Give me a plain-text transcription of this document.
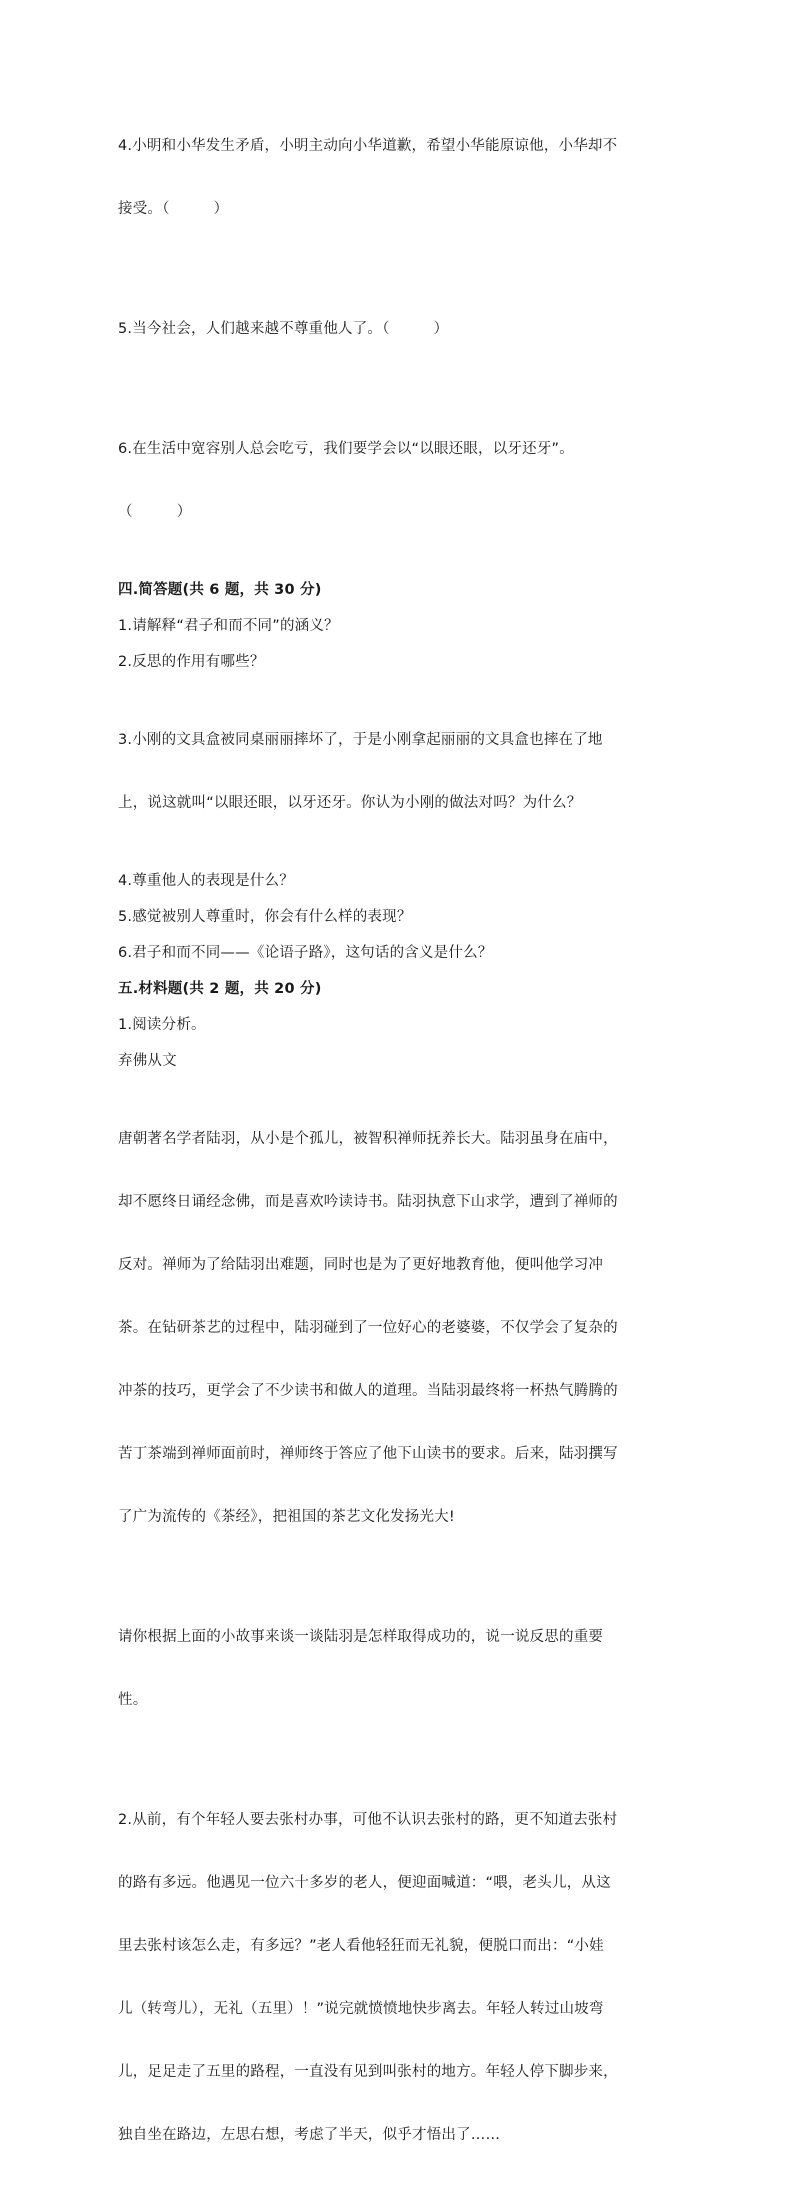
4.小明和小华发生矛盾，小明主动向小华道歉，希望小华能原谅他，小华却不

接受。（　　　）

5.当今社会，人们越来越不尊重他人了。（　　　）

6.在生活中宽容别人总会吃亏，我们要学会以“以眼还眼，以牙还牙”。

（　　　）

四.简答题(共 6 题，共 30 分)
1.请解释“君子和而不同”的涵义？
2.反思的作用有哪些？

3.小刚的文具盒被同桌丽丽摔坏了，于是小刚拿起丽丽的文具盒也摔在了地

上，说这就叫“以眼还眼，以牙还牙。你认为小刚的做法对吗？为什么？

4.尊重他人的表现是什么？
5.感觉被别人尊重时，你会有什么样的表现？
6.君子和而不同——《论语子路》，这句话的含义是什么？
五.材料题(共 2 题，共 20 分)
1.阅读分析。
弃佛从文

唐朝著名学者陆羽，从小是个孤儿，被智积禅师抚养长大。陆羽虽身在庙中，

却不愿终日诵经念佛，而是喜欢吟读诗书。陆羽执意下山求学，遭到了禅师的

反对。禅师为了给陆羽出难题，同时也是为了更好地教育他，便叫他学习冲

茶。在钻研茶艺的过程中，陆羽碰到了一位好心的老婆婆，不仅学会了复杂的

冲茶的技巧，更学会了不少读书和做人的道理。当陆羽最终将一杯热气腾腾的

苦丁茶端到禅师面前时，禅师终于答应了他下山读书的要求。后来，陆羽撰写

了广为流传的《茶经》，把祖国的茶艺文化发扬光大!

请你根据上面的小故事来谈一谈陆羽是怎样取得成功的，说一说反思的重要

性。

2.从前，有个年轻人要去张村办事，可他不认识去张村的路，更不知道去张村

的路有多远。他遇见一位六十多岁的老人，便迎面喊道：“喂，老头儿，从这

里去张村该怎么走，有多远？”老人看他轻狂而无礼貌，便脱口而出：“小娃

儿（转弯儿），无礼（五里）！”说完就愤愤地快步离去。年轻人转过山坡弯

儿，足足走了五里的路程，一直没有见到叫张村的地方。年轻人停下脚步来，

独自坐在路边，左思右想，考虑了半天，似乎才悟出了……
